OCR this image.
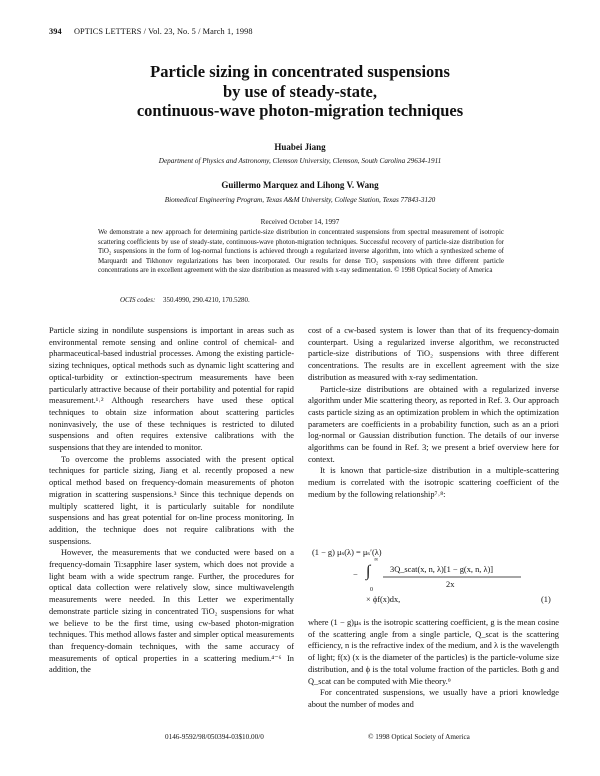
394 OPTICS LETTERS / Vol. 23, No. 5 / March 1, 1998
Particle sizing in concentrated suspensions
by use of steady-state,
continuous-wave photon-migration techniques
Huabei Jiang
Department of Physics and Astronomy, Clemson University, Clemson, South Carolina 29634-1911
Guillermo Marquez and Lihong V. Wang
Biomedical Engineering Program, Texas A&M University, College Station, Texas 77843-3120
Received October 14, 1997
We demonstrate a new approach for determining particle-size distribution in concentrated suspensions from spectral measurement of isotropic scattering coefficients by use of steady-state, continuous-wave photon-migration techniques. Successful recovery of particle-size distribution for TiO₂ suspensions in the form of log-normal functions is achieved through a regularized inverse algorithm, into which a synthesized scheme of Marquardt and Tikhonov regularizations has been incorporated. Our results for dense TiO₂ suspensions with three different particle concentrations are in excellent agreement with the size distribution as measured with x-ray sedimentation. © 1998 Optical Society of America
OCIS codes: 350.4990, 290.4210, 170.5280.

Particle sizing in nondilute suspensions is important in areas such as environmental remote sensing and online control of chemical- and pharmaceutical-based industrial processes. Among the existing particle-sizing techniques, optical methods such as dynamic light scattering and optical-turbidity or extinction-spectrum measurements have been particularly attractive because of their portability and potential for rapid measurement.¹˒² Although researchers have used these optical techniques to obtain size information about scattering particles noninvasively, the use of these techniques is restricted to diluted suspensions and often requires extensive calibrations with the suspensions that they are intended to monitor.

To overcome the problems associated with the present optical techniques for particle sizing, Jiang et al. recently proposed a new optical method based on frequency-domain measurements of photon migration in scattering suspensions.³ Since this technique depends on multiply scattered light, it is particularly suitable for nondilute suspensions and has great potential for on-line process monitoring. In addition, the technique does not require calibrations with the suspensions.

However, the measurements that we conducted were based on a frequency-domain Ti:sapphire laser system, which does not provide a light beam with a wide spectrum range. Further, the procedures for optical data collection were relatively slow, since multiwavelength measurements were needed. In this Letter we experimentally demonstrate particle sizing in concentrated TiO₂ suspensions for what we believe to be the first time, using cw-based photon-migration techniques. This method allows faster and simpler optical measurements than frequency-domain techniques, with the same accuracy of measurements of optical properties in a scattering medium.⁴⁻⁶ In addition, the

cost of a cw-based system is lower than that of its frequency-domain counterpart. Using a regularized inverse algorithm, we reconstructed particle-size distributions of TiO₂ suspensions with three different concentrations. The results are in excellent agreement with the size distribution as measured with x-ray sedimentation.

Particle-size distributions are obtained with a regularized inverse algorithm under Mie scattering theory, as reported in Ref. 3. Our approach casts particle sizing as an optimization problem in which the optimization parameters are coefficients in a probability function, such as an a priori log-normal or Gaussian distribution function. The details of our inverse algorithms can be found in Ref. 3; we present a brief overview here for context.

It is known that particle-size distribution in a multiple-scattering medium is correlated with the isotropic scattering coefficient of the medium by the following relationship⁷˒⁸:

(1 − g) μₛ(λ) = μₛ′(λ)
− ∫
∞
0
3Q_scat(x, n, λ)[1 − g(x, n, λ)]
2x
× ϕf(x)dx,	(1)

where (1 − g)μₛ is the isotropic scattering coefficient, g is the mean cosine of the scattering angle from a single particle, Q_scat is the scattering efficiency, n is the refractive index of the medium, and λ is the wavelength of light; f(x) (x is the diameter of the particles) is the particle-volume size distribution, and ϕ is the total volume fraction of the particles. Both g and Q_scat can be computed with Mie theory.⁹

For concentrated suspensions, we usually have a priori knowledge about the number of modes and

0146-9592/98/050394-03$10.00/0	© 1998 Optical Society of America
